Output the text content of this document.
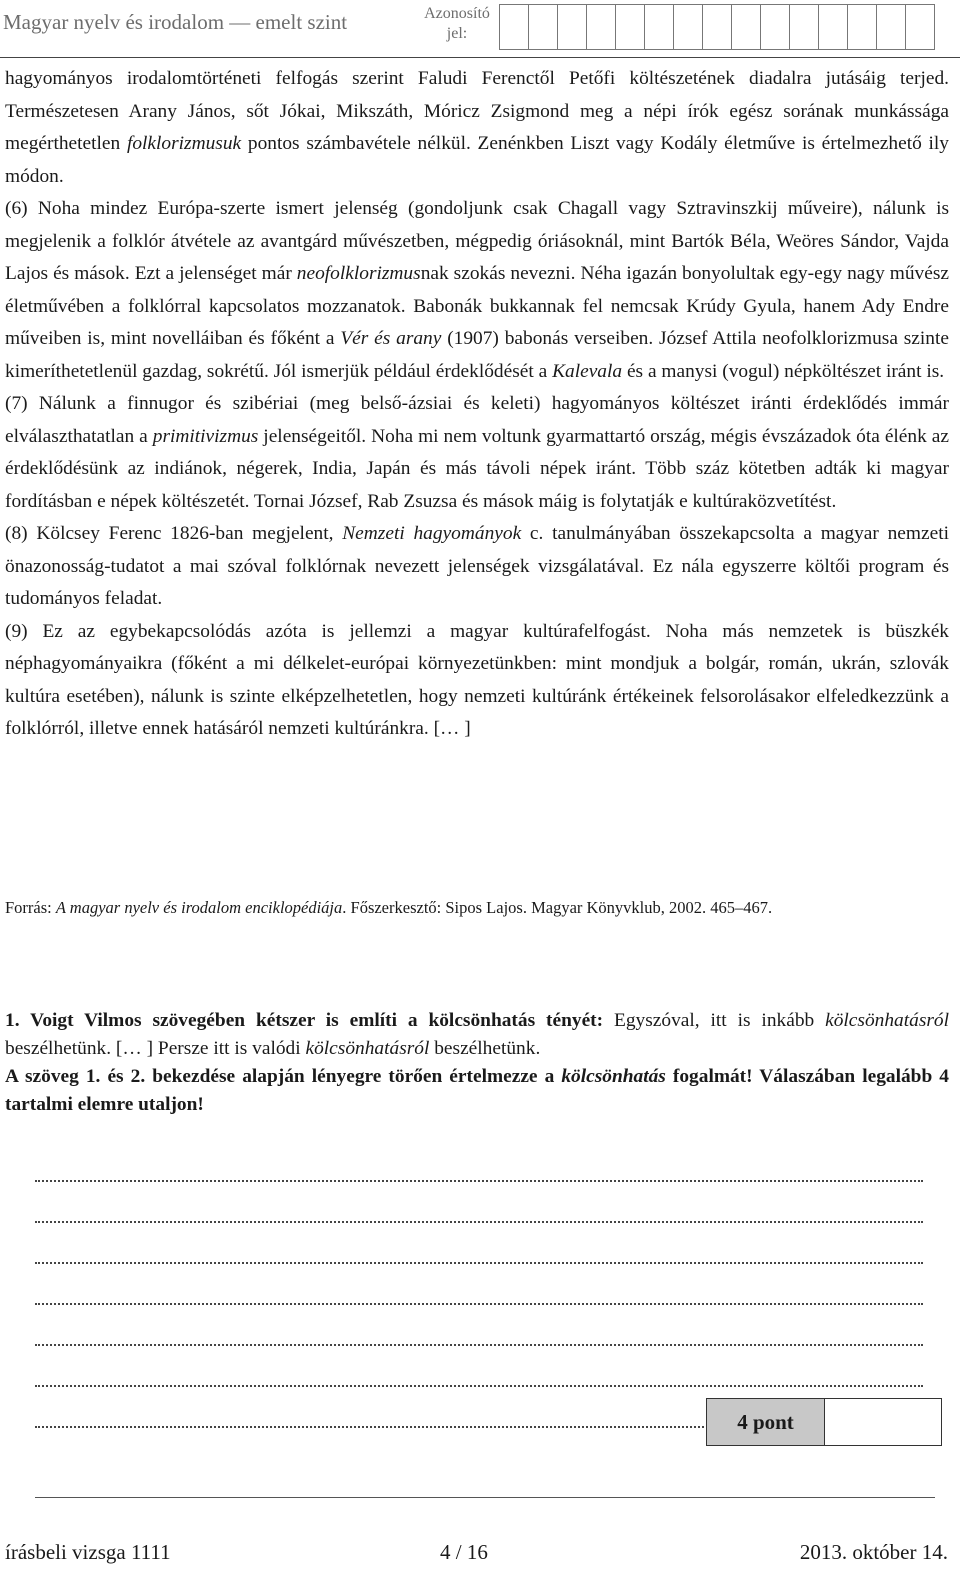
Magyar nyelv és irodalom — emelt szint	Azonosító jel:

hagyományos irodalomtörténeti felfogás szerint Faludi Ferenctől Petőfi költészetének diadalra jutásáig terjed. Természetesen Arany János, sőt Jókai, Mikszáth, Móricz Zsigmond meg a népi írók egész sorának munkássága megérthetetlen folklorizmusuk pontos számbavétele nélkül. Zenénkben Liszt vagy Kodály életműve is értelmezhető ily módon.

(6) Noha mindez Európa-szerte ismert jelenség (gondoljunk csak Chagall vagy Sztravinszkij műveire), nálunk is megjelenik a folklór átvétele az avantgárd művészetben, mégpedig óriásoknál, mint Bartók Béla, Weöres Sándor, Vajda Lajos és mások. Ezt a jelenséget már neofolklorizmusnak szokás nevezni. Néha igazán bonyolultak egy-egy nagy művész életművében a folklórral kapcsolatos mozzanatok. Babonák bukkannak fel nemcsak Krúdy Gyula, hanem Ady Endre műveiben is, mint novelláiban és főként a Vér és arany (1907) babonás verseiben. József Attila neofolklorizmusa szinte kimeríthetetlenül gazdag, sokrétű. Jól ismerjük például érdeklődését a Kalevala és a manysi (vogul) népköltészet iránt is.

(7) Nálunk a finnugor és szibériai (meg belső-ázsiai és keleti) hagyományos költészet iránti érdeklődés immár elválaszthatatlan a primitivizmus jelenségeitől. Noha mi nem voltunk gyarmattartó ország, mégis évszázadok óta élénk az érdeklődésünk az indiánok, négerek, India, Japán és más távoli népek iránt. Több száz kötetben adták ki magyar fordításban e népek költészetét. Tornai József, Rab Zsuzsa és mások máig is folytatják e kultúraközvetítést.

(8) Kölcsey Ferenc 1826-ban megjelent, Nemzeti hagyományok c. tanulmányában összekapcsolta a magyar nemzeti önazonosság-tudatot a mai szóval folklórnak nevezett jelenségek vizsgálatával. Ez nála egyszerre költői program és tudományos feladat.

(9) Ez az egybekapcsolódás azóta is jellemzi a magyar kultúrafelfogást. Noha más nemzetek is büszkék néphagyományaikra (főként a mi délkelet-európai környezetünkben: mint mondjuk a bolgár, román, ukrán, szlovák kultúra esetében), nálunk is szinte elképzelhetetlen, hogy nemzeti kultúránk értékeinek felsorolásakor elfeledkezzünk a folklórról, illetve ennek hatásáról nemzeti kultúránkra. [… ]

Forrás: A magyar nyelv és irodalom enciklopédiája. Főszerkesztő: Sipos Lajos. Magyar Könyvklub, 2002. 465–467.

1. Voigt Vilmos szövegében kétszer is említi a kölcsönhatás tényét: Egyszóval, itt is inkább kölcsönhatásról beszélhetünk. [… ] Persze itt is valódi kölcsönhatásról beszélhetünk.

A szöveg 1. és 2. bekezdése alapján lényegre törően értelmezze a kölcsönhatás fogalmát! Válaszában legalább 4 tartalmi elemre utaljon!

4 pont
írásbeli vizsga 1111	4 / 16	2013. október 14.
